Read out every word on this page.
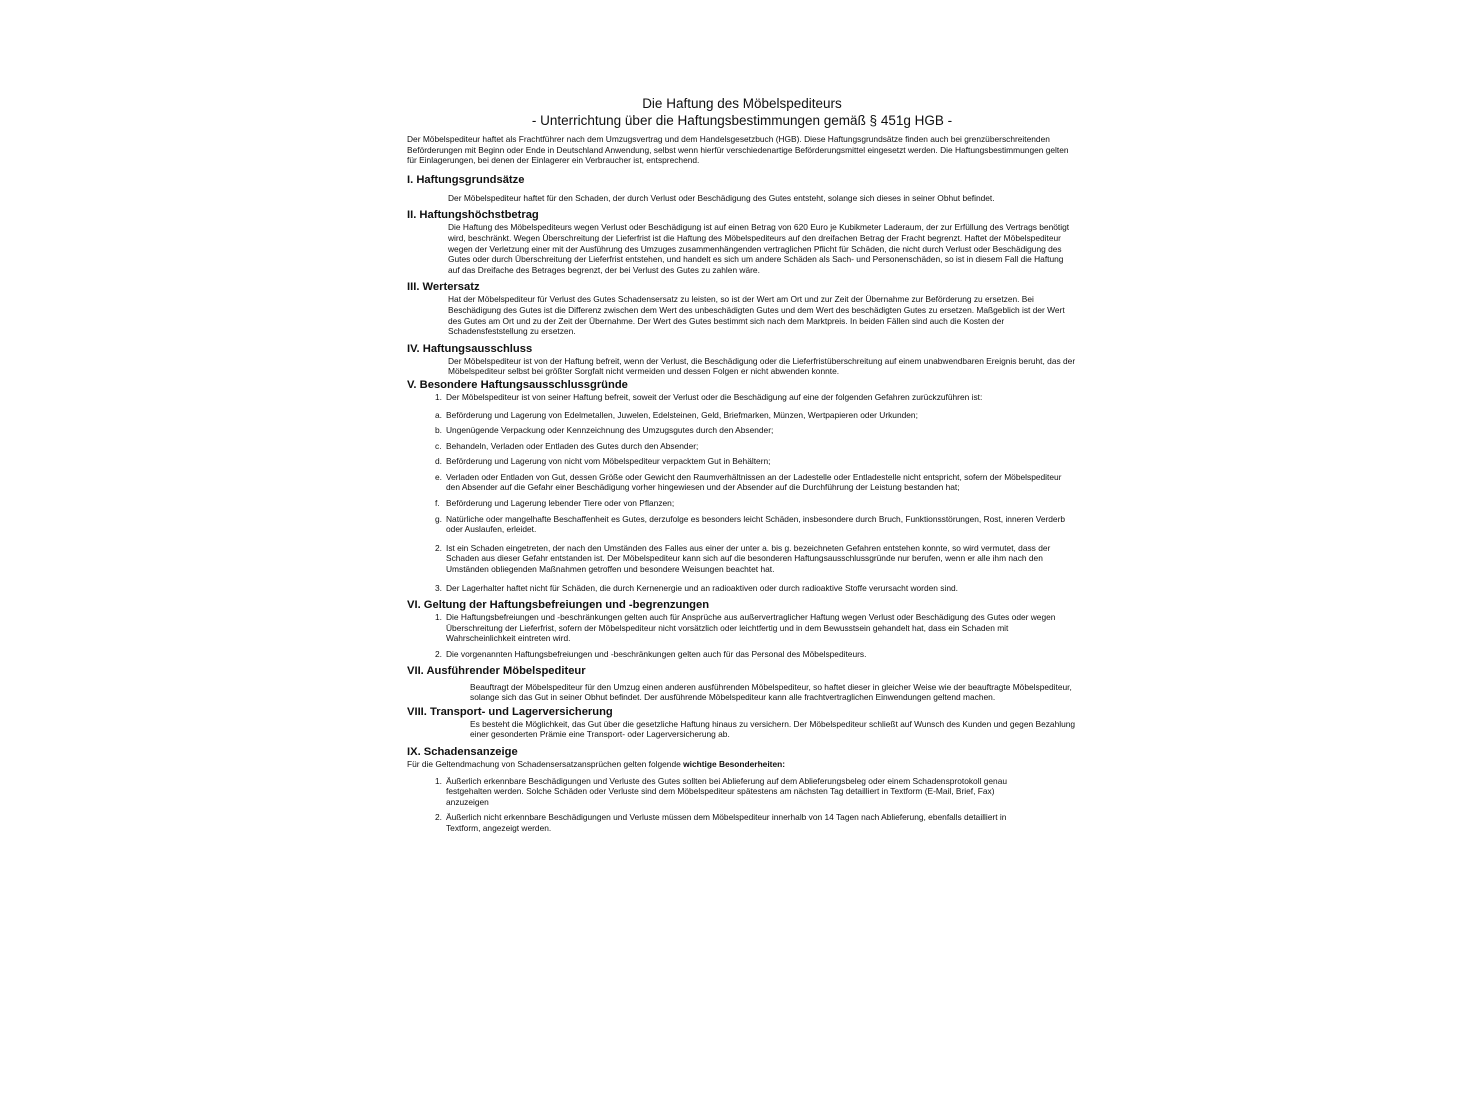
Die Haftung des Möbelspediteurs

- Unterrichtung über die Haftungsbestimmungen gemäß § 451g HGB -

Der Möbelspediteur haftet als Frachtführer nach dem Umzugsvertrag und dem Handelsgesetzbuch (HGB). Diese Haftungsgrundsätze finden auch bei grenzüberschreitenden Beförderungen mit Beginn oder Ende in Deutschland Anwendung, selbst wenn hierfür verschiedenartige Beförderungsmittel eingesetzt werden. Die Haftungsbestimmungen gelten für Einlagerungen, bei denen der Einlagerer ein Verbraucher ist, entsprechend.

I. Haftungsgrundsätze

Der Möbelspediteur haftet für den Schaden, der durch Verlust oder Beschädigung des Gutes entsteht, solange sich dieses in seiner Obhut befindet.

II. Haftungshöchstbetrag

Die Haftung des Möbelspediteurs wegen Verlust oder Beschädigung ist auf einen Betrag von 620 Euro je Kubikmeter Laderaum, der zur Erfüllung des Vertrags benötigt wird, beschränkt. Wegen Überschreitung der Lieferfrist ist die Haftung des Möbelspediteurs auf den dreifachen Betrag der Fracht begrenzt. Haftet der Möbelspediteur wegen der Verletzung einer mit der Ausführung des Umzuges zusammenhängenden vertraglichen Pflicht für Schäden, die nicht durch Verlust oder Beschädigung des Gutes oder durch Überschreitung der Lieferfrist entstehen, und handelt es sich um andere Schäden als Sach- und Personenschäden, so ist in diesem Fall die Haftung auf das Dreifache des Betrages begrenzt, der bei Verlust des Gutes zu zahlen wäre.

III. Wertersatz

Hat der Möbelspediteur für Verlust des Gutes Schadensersatz zu leisten, so ist der Wert am Ort und zur Zeit der Übernahme zur Beförderung zu ersetzen. Bei Beschädigung des Gutes ist die Differenz zwischen dem Wert des unbeschädigten Gutes und dem Wert des beschädigten Gutes zu ersetzen. Maßgeblich ist der Wert des Gutes am Ort und zu der Zeit der Übernahme. Der Wert des Gutes bestimmt sich nach dem Marktpreis. In beiden Fällen sind auch die Kosten der Schadensfeststellung zu ersetzen.

IV. Haftungsausschluss

Der Möbelspediteur ist von der Haftung befreit, wenn der Verlust, die Beschädigung oder die Lieferfristüberschreitung auf einem unabwendbaren Ereignis beruht, das der Möbelspediteur selbst bei größter Sorgfalt nicht vermeiden und dessen Folgen er nicht abwenden konnte.

V. Besondere Haftungsausschlussgründe
1. Der Möbelspediteur ist von seiner Haftung befreit, soweit der Verlust oder die Beschädigung auf eine der folgenden Gefahren zurückzuführen ist:
a. Beförderung und Lagerung von Edelmetallen, Juwelen, Edelsteinen, Geld, Briefmarken, Münzen, Wertpapieren oder Urkunden;
b. Ungenügende Verpackung oder Kennzeichnung des Umzugsgutes durch den Absender;
c. Behandeln, Verladen oder Entladen des Gutes durch den Absender;
d. Beförderung und Lagerung von nicht vom Möbelspediteur verpacktem Gut in Behältern;
e. Verladen oder Entladen von Gut, dessen Größe oder Gewicht den Raumverhältnissen an der Ladestelle oder Entladestelle nicht entspricht, sofern der Möbelspediteur den Absender auf die Gefahr einer Beschädigung vorher hingewiesen und der Absender auf die Durchführung der Leistung bestanden hat;
f. Beförderung und Lagerung lebender Tiere oder von Pflanzen;
g. Natürliche oder mangelhafte Beschaffenheit es Gutes, derzufolge es besonders leicht Schäden, insbesondere durch Bruch, Funktionsstörungen, Rost, inneren Verderb oder Auslaufen, erleidet.
2. Ist ein Schaden eingetreten, der nach den Umständen des Falles aus einer der unter a. bis g. bezeichneten Gefahren entstehen konnte, so wird vermutet, dass der Schaden aus dieser Gefahr entstanden ist. Der Möbelspediteur kann sich auf die besonderen Haftungsausschlussgründe nur berufen, wenn er alle ihm nach den Umständen obliegenden Maßnahmen getroffen und besondere Weisungen beachtet hat.
3. Der Lagerhalter haftet nicht für Schäden, die durch Kernenergie und an radioaktiven oder durch radioaktive Stoffe verursacht worden sind.
VI. Geltung der Haftungsbefreiungen und -begrenzungen
1. Die Haftungsbefreiungen und -beschränkungen gelten auch für Ansprüche aus außervertraglicher Haftung wegen Verlust oder Beschädigung des Gutes oder wegen Überschreitung der Lieferfrist, sofern der Möbelspediteur nicht vorsätzlich oder leichtfertig und in dem Bewusstsein gehandelt hat, dass ein Schaden mit Wahrscheinlichkeit eintreten wird.
2. Die vorgenannten Haftungsbefreiungen und -beschränkungen gelten auch für das Personal des Möbelspediteurs.
VII. Ausführender Möbelspediteur

Beauftragt der Möbelspediteur für den Umzug einen anderen ausführenden Möbelspediteur, so haftet dieser in gleicher Weise wie der beauftragte Möbelspediteur, solange sich das Gut in seiner Obhut befindet. Der ausführende Möbelspediteur kann alle frachtvertraglichen Einwendungen geltend machen.

VIII. Transport- und Lagerversicherung

Es besteht die Möglichkeit, das Gut über die gesetzliche Haftung hinaus zu versichern. Der Möbelspediteur schließt auf Wunsch des Kunden und gegen Bezahlung einer gesonderten Prämie eine Transport- oder Lagerversicherung ab.

IX. Schadensanzeige

Für die Geltendmachung von Schadensersatzansprüchen gelten folgende wichtige Besonderheiten:

1. Äußerlich erkennbare Beschädigungen und Verluste des Gutes sollten bei Ablieferung auf dem Ablieferungsbeleg oder einem Schadensprotokoll genau festgehalten werden. Solche Schäden oder Verluste sind dem Möbelspediteur spätestens am nächsten Tag detailliert in Textform (E-Mail, Brief, Fax) anzuzeigen
2. Äußerlich nicht erkennbare Beschädigungen und Verluste müssen dem Möbelspediteur innerhalb von 14 Tagen nach Ablieferung, ebenfalls detailliert in Textform, angezeigt werden.
